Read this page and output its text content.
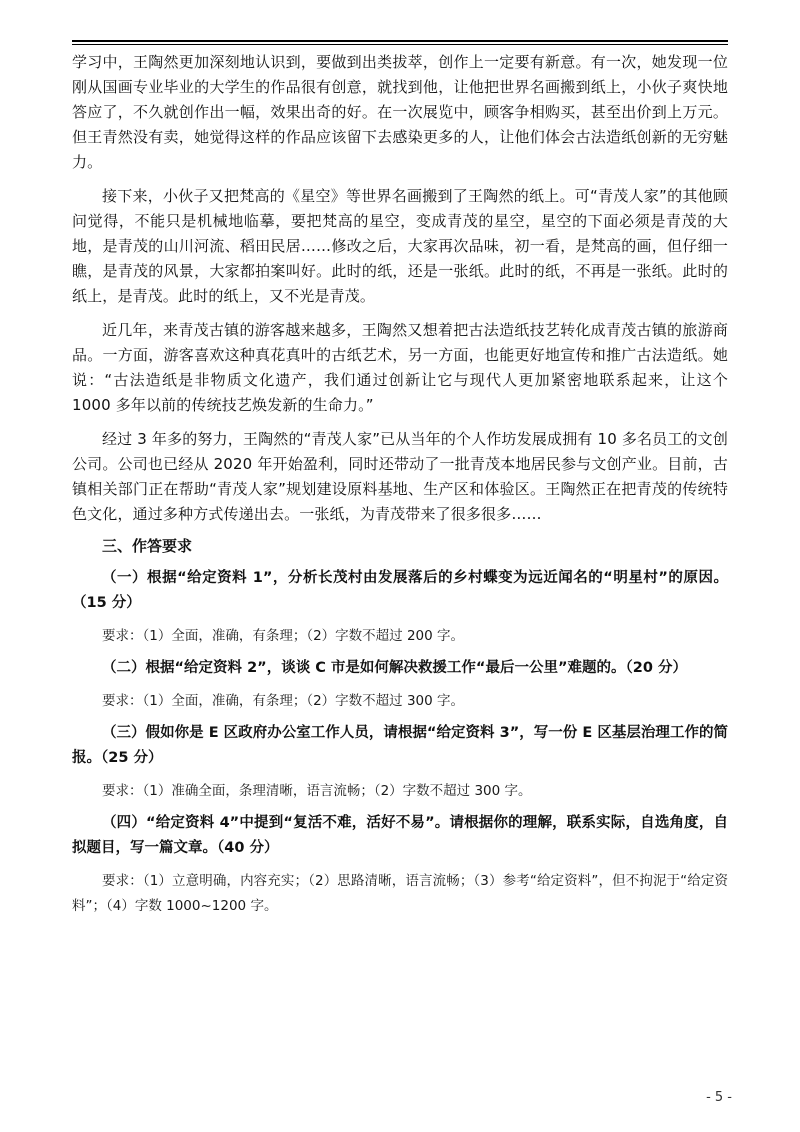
学习中，王陶然更加深刻地认识到，要做到出类拔萃，创作上一定要有新意。有一次，她发现一位刚从国画专业毕业的大学生的作品很有创意，就找到他，让他把世界名画搬到纸上，小伙子爽快地答应了，不久就创作出一幅，效果出奇的好。在一次展览中，顾客争相购买，甚至出价到上万元。但王青然没有卖，她觉得这样的作品应该留下去感染更多的人，让他们体会古法造纸创新的无穷魅力。

接下来，小伙子又把梵高的《星空》等世界名画搬到了王陶然的纸上。可“青茂人家”的其他顾问觉得，不能只是机械地临摹，要把梵高的星空，变成青茂的星空，星空的下面必须是青茂的大地，是青茂的山川河流、稻田民居……修改之后，大家再次品味，初一看，是梵高的画，但仔细一瞧，是青茂的风景，大家都拍案叫好。此时的纸，还是一张纸。此时的纸，不再是一张纸。此时的纸上，是青茂。此时的纸上，又不光是青茂。

近几年，来青茂古镇的游客越来越多，王陶然又想着把古法造纸技艺转化成青茂古镇的旅游商品。一方面，游客喜欢这种真花真叶的古纸艺术，另一方面，也能更好地宣传和推广古法造纸。她说：“古法造纸是非物质文化遗产，我们通过创新让它与现代人更加紧密地联系起来，让这个 1000 多年以前的传统技艺焕发新的生命力。”

经过 3 年多的努力，王陶然的“青茂人家”已从当年的个人作坊发展成拥有 10 多名员工的文创公司。公司也已经从 2020 年开始盈利，同时还带动了一批青茂本地居民参与文创产业。目前，古镇相关部门正在帮助“青茂人家”规划建设原料基地、生产区和体验区。王陶然正在把青茂的传统特色文化，通过多种方式传递出去。一张纸，为青茂带来了很多很多……

三、作答要求

（一）根据“给定资料 1”，分析长茂村由发展落后的乡村蝶变为远近闻名的“明星村”的原因。（15 分）

要求：（1）全面，准确，有条理；（2）字数不超过 200 字。

（二）根据“给定资料 2”，谈谈 C 市是如何解决救援工作“最后一公里”难题的。（20 分）

要求：（1）全面，准确，有条理；（2）字数不超过 300 字。

（三）假如你是 E 区政府办公室工作人员，请根据“给定资料 3”，写一份 E 区基层治理工作的简报。（25 分）

要求：（1）准确全面，条理清晰，语言流畅；（2）字数不超过 300 字。

（四）“给定资料 4”中提到“复活不难，活好不易”。请根据你的理解，联系实际，自选角度，自拟题目，写一篇文章。（40 分）

要求：（1）立意明确，内容充实；（2）思路清晰，语言流畅；（3）参考“给定资料”，但不拘泥于“给定资料”；（4）字数 1000~1200 字。

- 5 -
